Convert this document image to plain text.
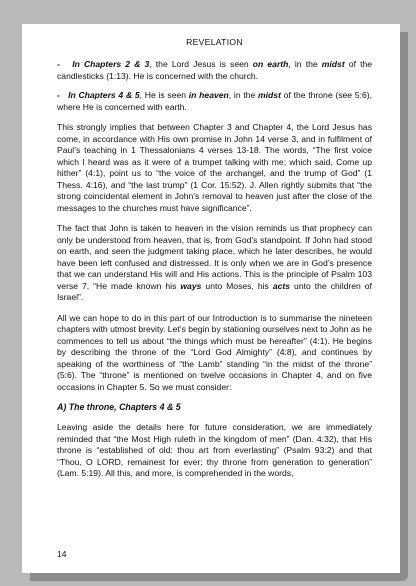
REVELATION

- In Chapters 2 & 3, the Lord Jesus is seen on earth, in the midst of the candlesticks (1:13). He is concerned with the church.

- In Chapters 4 & 5, He is seen in heaven, in the midst of the throne (see 5:6), where He is concerned with earth.

This strongly implies that between Chapter 3 and Chapter 4, the Lord Jesus has come, in accordance with His own promise in John 14 verse 3, and in fulfilment of Paul’s teaching in 1 Thessalonians 4 verses 13-18. The words, “The first voice which I heard was as it were of a trumpet talking with me; which said, Come up hither” (4:1), point us to “the voice of the archangel, and the trump of God” (1 Thess. 4:16), and “the last trump” (1 Cor. 15:52). J. Allen rightly submits that “the strong coincidental element in John’s removal to heaven just after the close of the messages to the churches must have significance”.

The fact that John is taken to heaven in the vision reminds us that prophecy can only be understood from heaven, that is, from God’s standpoint. If John had stood on earth, and seen the judgment taking place, which he later describes, he would have been left confused and distressed. It is only when we are in God’s presence that we can understand His will and His actions. This is the principle of Psalm 103 verse 7, “He made known his ways unto Moses, his acts unto the children of Israel”.

All we can hope to do in this part of our Introduction is to summarise the nineteen chapters with utmost brevity. Let’s begin by stationing ourselves next to John as he commences to tell us about “the things which must be hereafter” (4:1). He begins by describing the throne of the “Lord God Almighty” (4:8), and continues by speaking of the worthiness of “the Lamb” standing “in the midst of the throne” (5:6). The “throne” is mentioned on twelve occasions in Chapter 4, and on five occasions in Chapter 5. So we must consider:

A) The throne, Chapters 4 & 5

Leaving aside the details here for future consideration, we are immediately reminded that “the Most High ruleth in the kingdom of men” (Dan. 4:32), that His throne is “established of old: thou art from everlasting” (Psalm 93:2) and that “Thou, O LORD, remainest for ever; thy throne from generation to generation” (Lam. 5:19). All this, and more, is comprehended in the words,

14
